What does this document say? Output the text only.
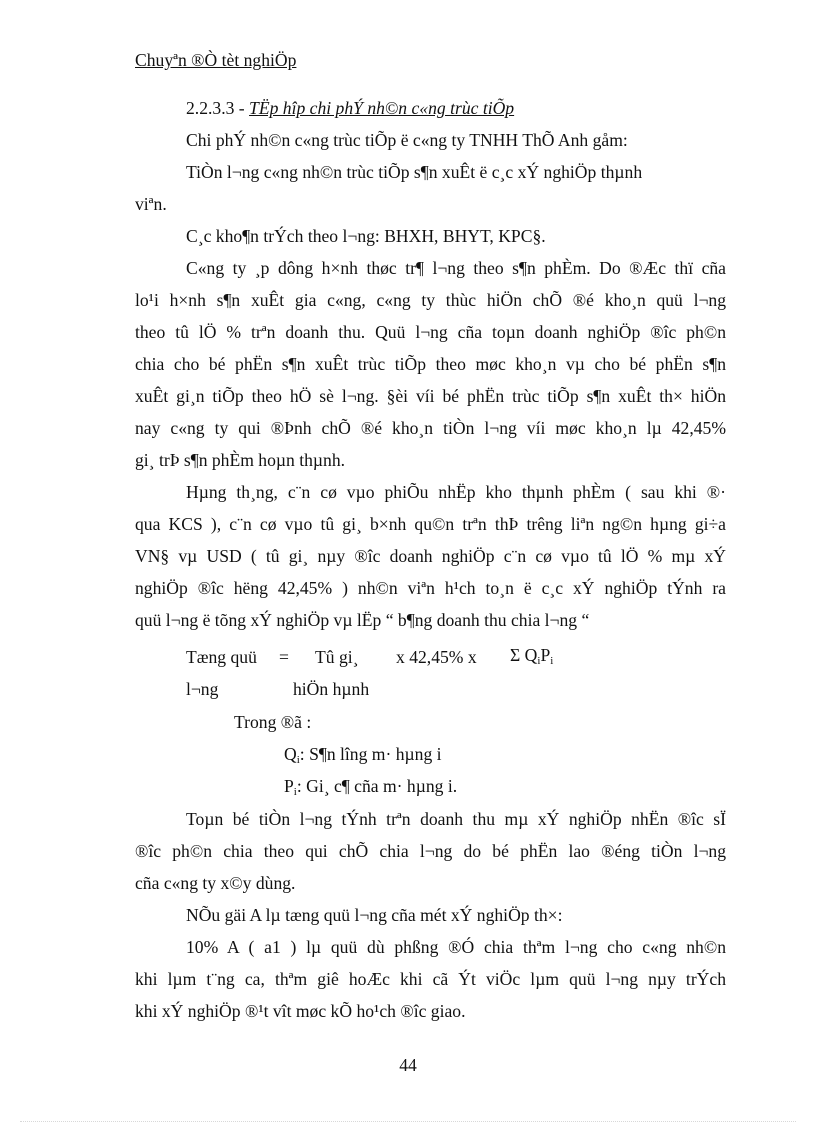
Chuyªn ®Ò tèt nghiÖp
2.2.3.3 - TËp hîp chi phÝ nh©n c«ng trùc tiÕp
Chi phÝ nh©n c«ng trùc tiÕp ë c«ng ty TNHH ThÕ Anh gåm:
TiÒn l¬ng c«ng nh©n trùc tiÕp s¶n xuÊt ë c¸c xÝ nghiÖp thµnh
viªn.
C¸c kho¶n trÝch theo l¬ng: BHXH, BHYT, KPC§.
C«ng ty ¸p dông h×nh thøc tr¶ l¬ng theo s¶n phÈm. Do ®Æc thï cña
lo¹i h×nh s¶n xuÊt gia c«ng, c«ng ty thùc hiÖn chÕ ®é kho¸n quü l¬ng
theo tû lÖ % trªn doanh thu. Quü l¬ng cña toµn doanh nghiÖp ®îc ph©n
chia cho bé phËn s¶n xuÊt trùc tiÕp theo møc kho¸n vµ cho bé phËn s¶n
xuÊt gi¸n tiÕp theo hÖ sè l¬ng. §èi víi bé phËn trùc tiÕp s¶n xuÊt th× hiÖn
nay c«ng ty qui ®Þnh chÕ ®é kho¸n tiÒn l¬ng víi møc kho¸n lµ 42,45%
gi¸ trÞ s¶n phÈm hoµn thµnh.
Hµng th¸ng, c¨n cø vµo phiÕu nhËp kho thµnh phÈm ( sau khi ®·
qua KCS ), c¨n cø vµo tû gi¸ b×nh qu©n trªn thÞ trêng liªn ng©n hµng gi÷a
VN§ vµ USD ( tû gi¸ nµy ®îc doanh nghiÖp c¨n cø vµo tû lÖ % mµ xÝ
nghiÖp ®îc hëng 42,45% ) nh©n viªn h¹ch to¸n ë c¸c xÝ nghiÖp tÝnh ra
quü l¬ng ë tõng xÝ nghiÖp vµ lËp “ b¶ng doanh thu chia l¬ng “
Tæng quü = Tû gi¸ x 42,45% x Σ $Q_iP_i$
l¬ng	hiÖn hµnh
Trong ®ã :
$Q_i$: S¶n lîng m· hµng i
$P_i$: Gi¸ c¶ cña m· hµng i.
Toµn bé tiÒn l¬ng tÝnh trªn doanh thu mµ xÝ nghiÖp nhËn ®îc sÏ
®îc ph©n chia theo qui chÕ chia l¬ng do bé phËn lao ®éng tiÒn l¬ng
cña c«ng ty x©y dùng.
NÕu gäi A lµ tæng quü l¬ng cña mét xÝ nghiÖp th×:
10% A ( a1 ) lµ quü dù phßng ®Ó chia thªm l¬ng cho c«ng nh©n
khi lµm t¨ng ca, thªm giê hoÆc khi cã Ýt viÖc lµm quü l¬ng nµy trÝch
khi xÝ nghiÖp ®¹t vît møc kÕ ho¹ch ®îc giao.
44
